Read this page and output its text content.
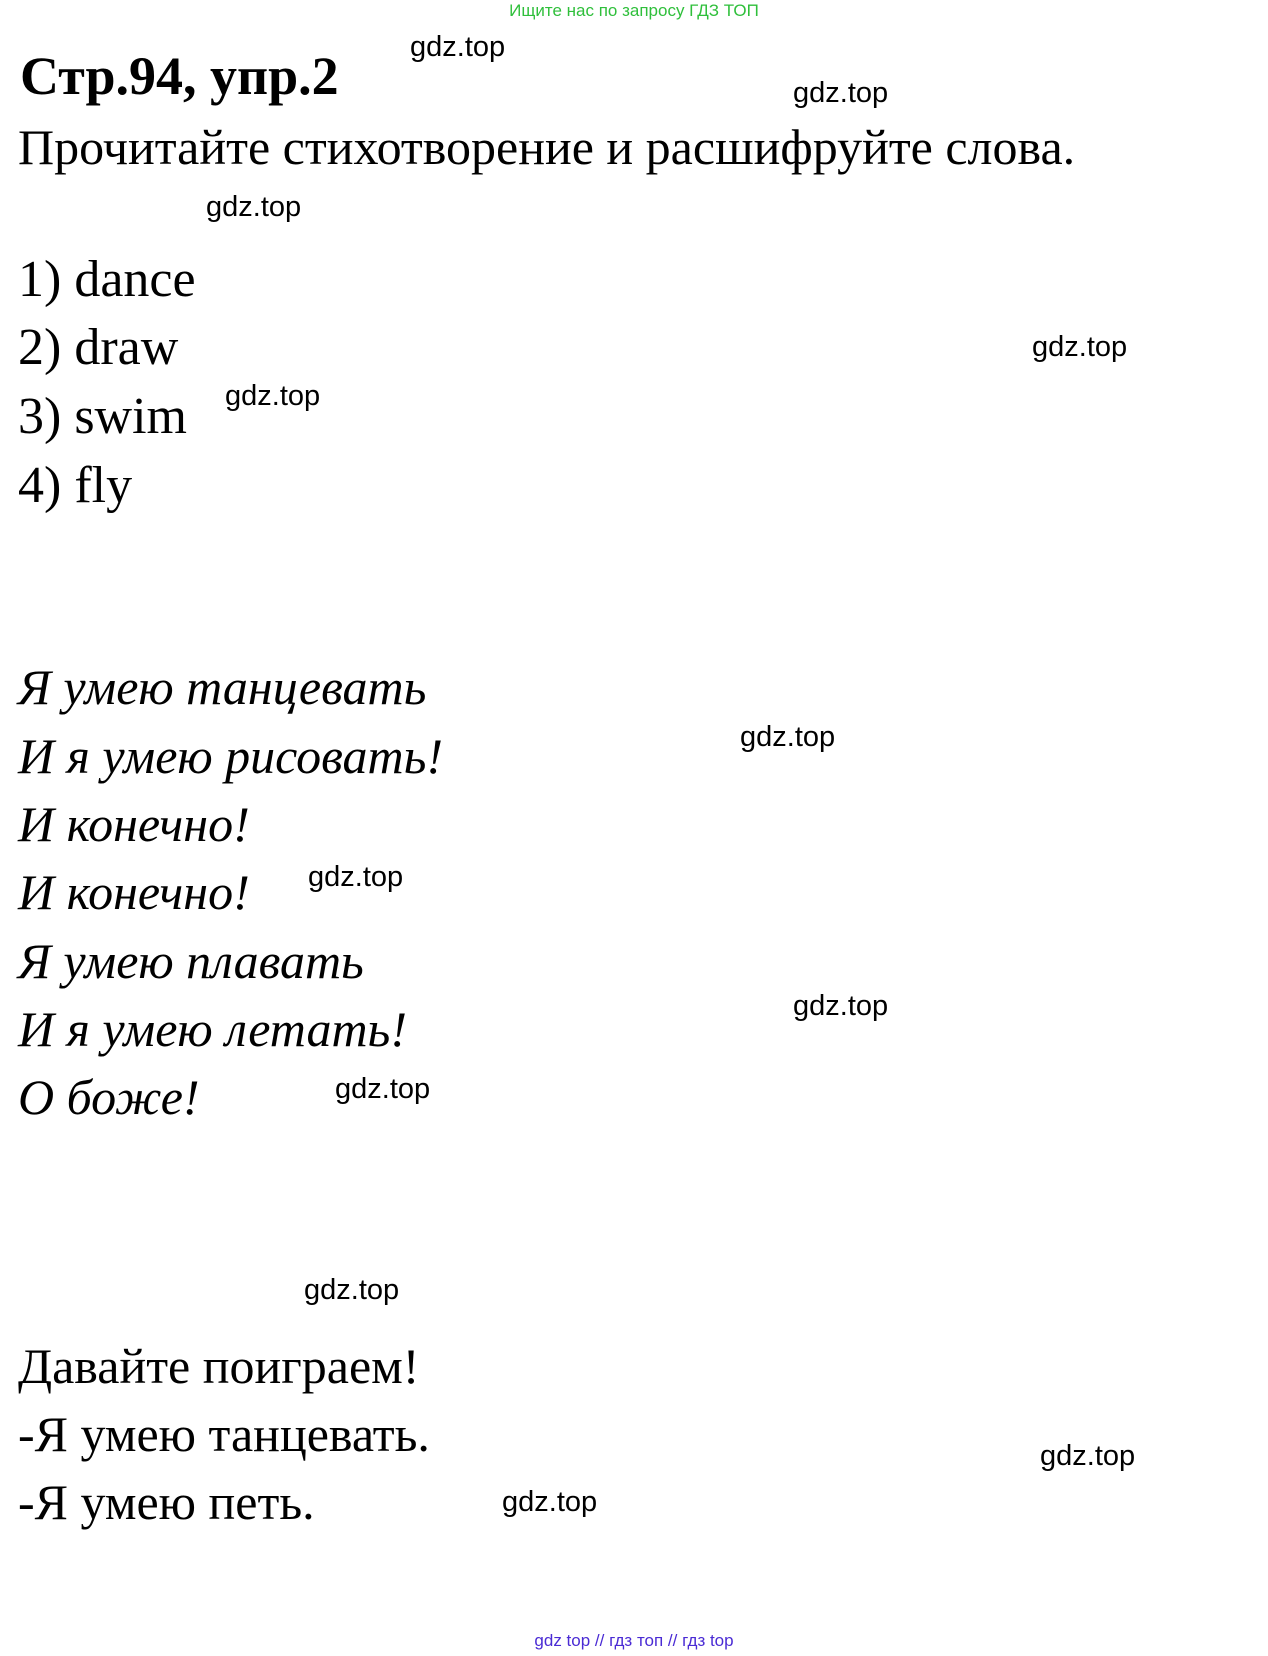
Ищите нас по запросу ГДЗ ТОП
Стр.94, упр.2
Прочитайте стихотворение и расшифруйте слова.
1) dance
2) draw
3) swim
4) fly
Я умею танцевать
И я умею рисовать!
И конечно!
И конечно!
Я умею плавать
И я умею летать!
О боже!
Давайте поиграем!
-Я умею танцевать.
-Я умею петь.
gdz.top
gdz.top
gdz.top
gdz.top
gdz.top
gdz.top
gdz.top
gdz.top
gdz.top
gdz.top
gdz.top
gdz.top
gdz top // гдз топ // гдз top
